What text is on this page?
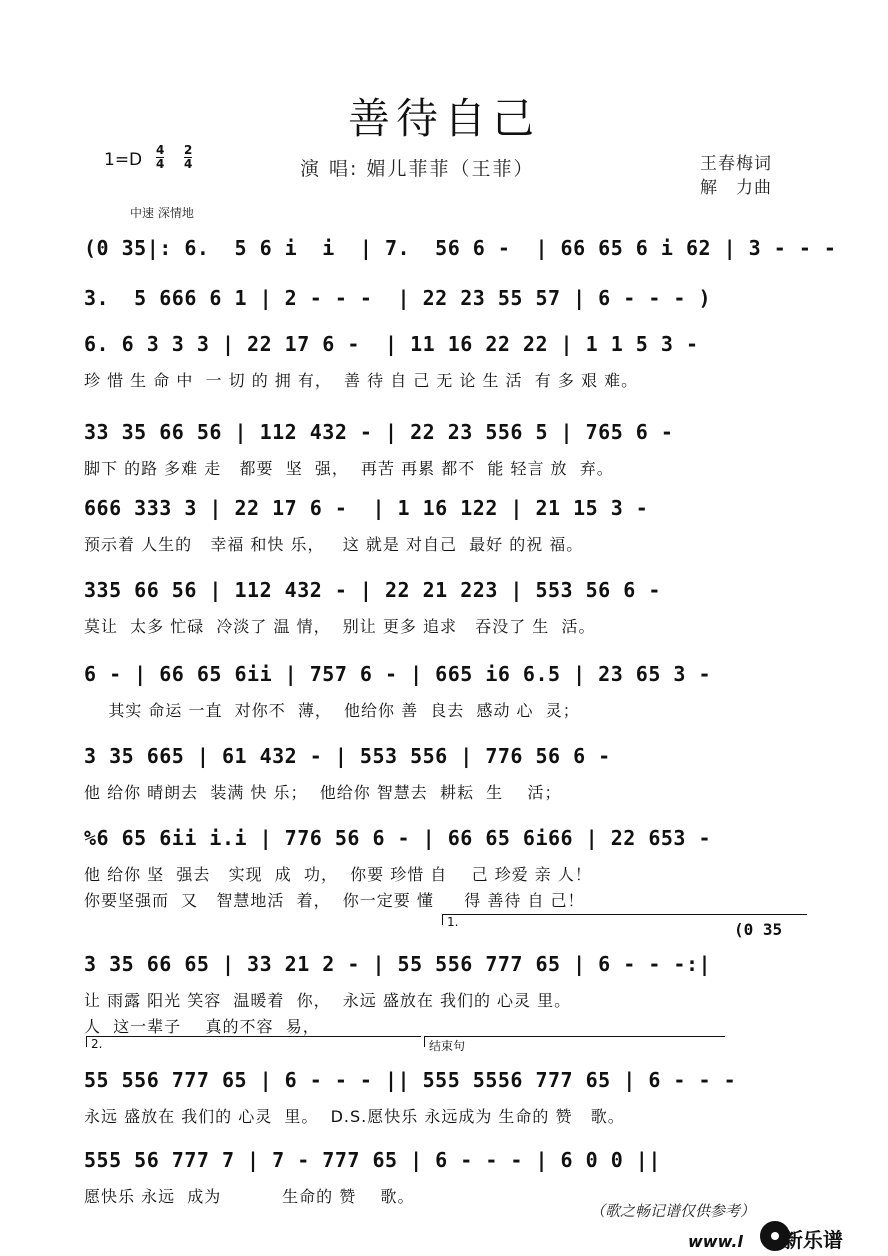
善待自己
1=D 4
4
2
4	演 唱: 媚儿菲菲（王菲）	王春梅词
解　力曲
中速 深情地
(0 35|: 6.  5 6 i  i  | 7.  56 6 -  | 66 65 6 i 62 | 3 - - -
3.  5 666 6 1 | 2 - - -  | 22 23 55 57 | 6 - - - )
6. 6 3 3 3 | 22 17 6 -  | 11 16 22 22 | 1 1 5 3 -
珍 惜 生 命 中  一 切 的 拥 有，  善 待 自 己 无 论 生 活  有 多 艰 难。
33 35 66 56 | 112 432 - | 22 23 556 5 | 765 6 -
脚下 的路 多难 走   都要  坚  强，  再苦 再累 都不  能 轻言 放  弃。
666 333 3 | 22 17 6 -  | 1 16 122 | 21 15 3 -
预示着 人生的   幸福 和快 乐，   这 就是 对自己  最好 的祝 福。
335 66 56 | 112 432 - | 22 21 223 | 553 56 6 -
莫让  太多 忙碌  冷淡了 温 情，  别让 更多 追求   吞没了 生  活。
6 - | 66 65 6ii | 757 6 - | 665 i6 6.5 | 23 65 3 -
其实 命运 一直  对你不  薄，  他给你 善  良去  感动 心  灵；
3 35 665 | 61 432 - | 553 556 | 776 56 6 -
他 给你 晴朗去  装满 快 乐；  他给你 智慧去  耕耘  生    活；
%6 65 6ii i.i | 776 56 6 - | 66 65 6i66 | 22 653 -
他 给你 坚  强去   实现  成  功，  你要 珍惜 自    己 珍爱 亲 人！
你要坚强而  又   智慧地活  着，  你一定要 懂     得 善待 自 己！
1.	(0 35
3 35 66 65 | 33 21 2 - | 55 556 777 65 | 6 - - -:|
让 雨露 阳光 笑容  温暖着  你，  永远 盛放在 我们的 心灵 里。
人  这一辈子    真的不容  易，
2.	结束句
55 556 777 65 | 6 - - - || 555 5556 777 65 | 6 - - -
永远 盛放在 我们的 心灵  里。  D.S.愿快乐 永远成为 生命的 赞   歌。
555 56 777 7 | 7 - 777 65 | 6 - - - | 6 0 0 ||
愿快乐 永远  成为          生命的 赞    歌。
（歌之畅记谱仅供参考）
www.l 新乐谱
